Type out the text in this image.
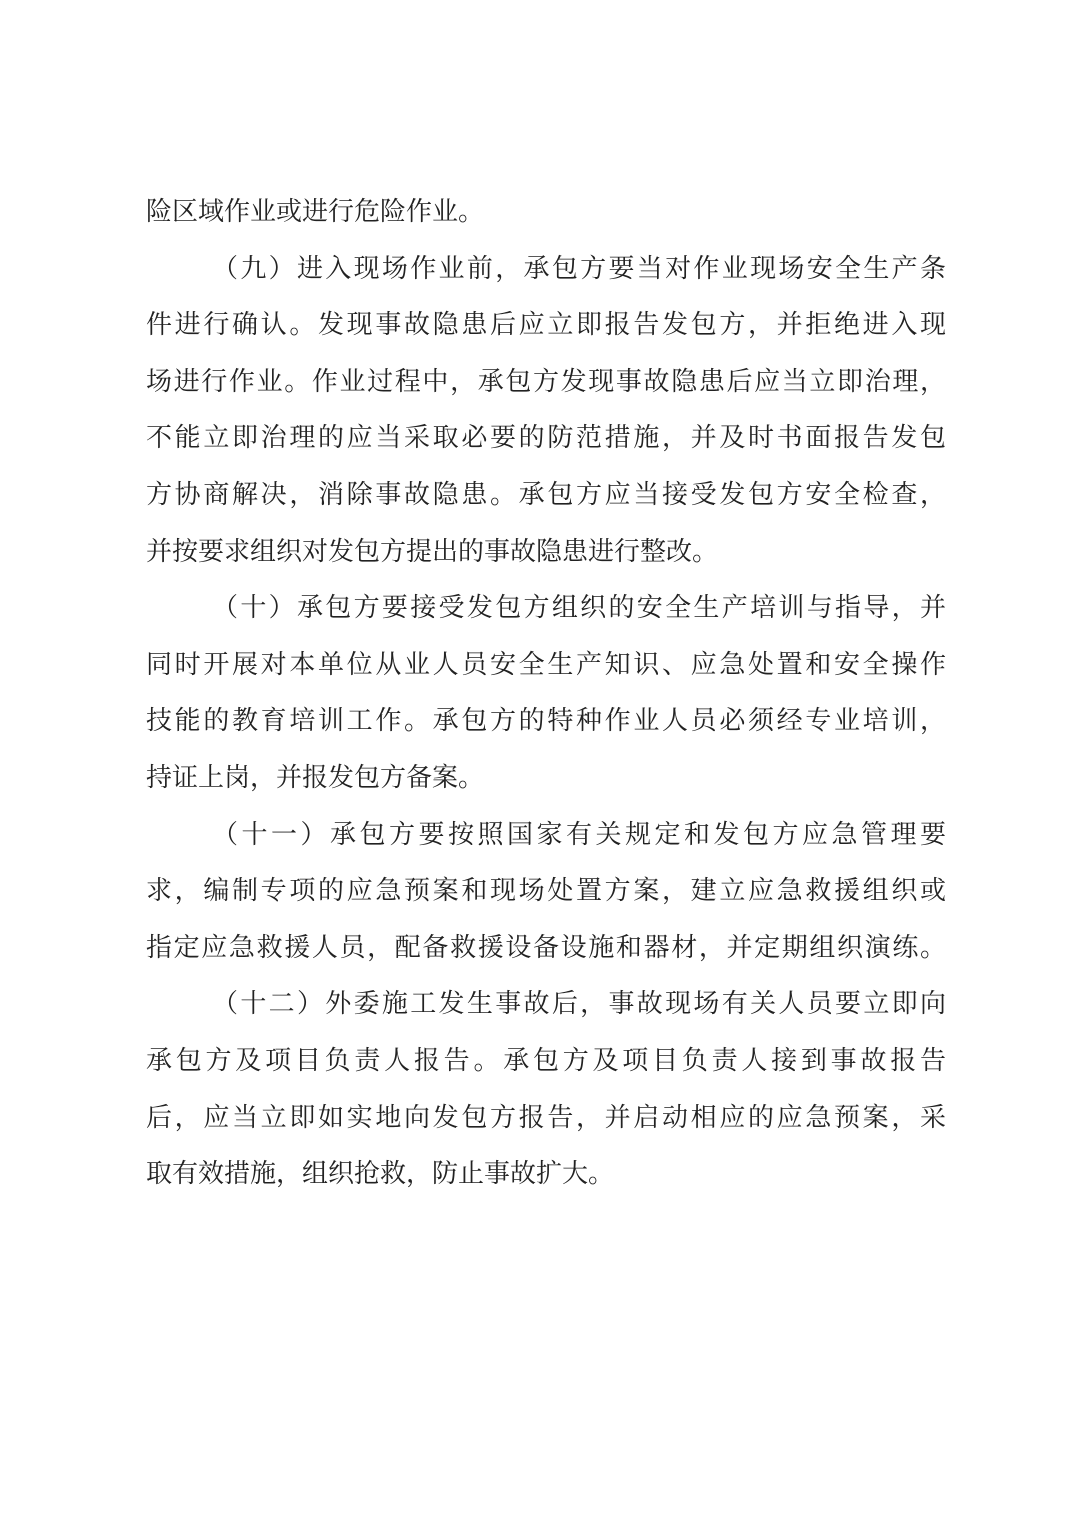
险区域作业或进行危险作业。
（九）进入现场作业前，承包方要当对作业现场安全生产条
件进行确认。发现事故隐患后应立即报告发包方，并拒绝进入现
场进行作业。作业过程中，承包方发现事故隐患后应当立即治理，
不能立即治理的应当采取必要的防范措施，并及时书面报告发包
方协商解决，消除事故隐患。承包方应当接受发包方安全检查，
并按要求组织对发包方提出的事故隐患进行整改。
（十）承包方要接受发包方组织的安全生产培训与指导，并
同时开展对本单位从业人员安全生产知识、应急处置和安全操作
技能的教育培训工作。承包方的特种作业人员必须经专业培训，
持证上岗，并报发包方备案。
（十一）承包方要按照国家有关规定和发包方应急管理要
求，编制专项的应急预案和现场处置方案，建立应急救援组织或
指定应急救援人员，配备救援设备设施和器材，并定期组织演练。
（十二）外委施工发生事故后，事故现场有关人员要立即向
承包方及项目负责人报告。承包方及项目负责人接到事故报告
后，应当立即如实地向发包方报告，并启动相应的应急预案，采
取有效措施，组织抢救，防止事故扩大。
